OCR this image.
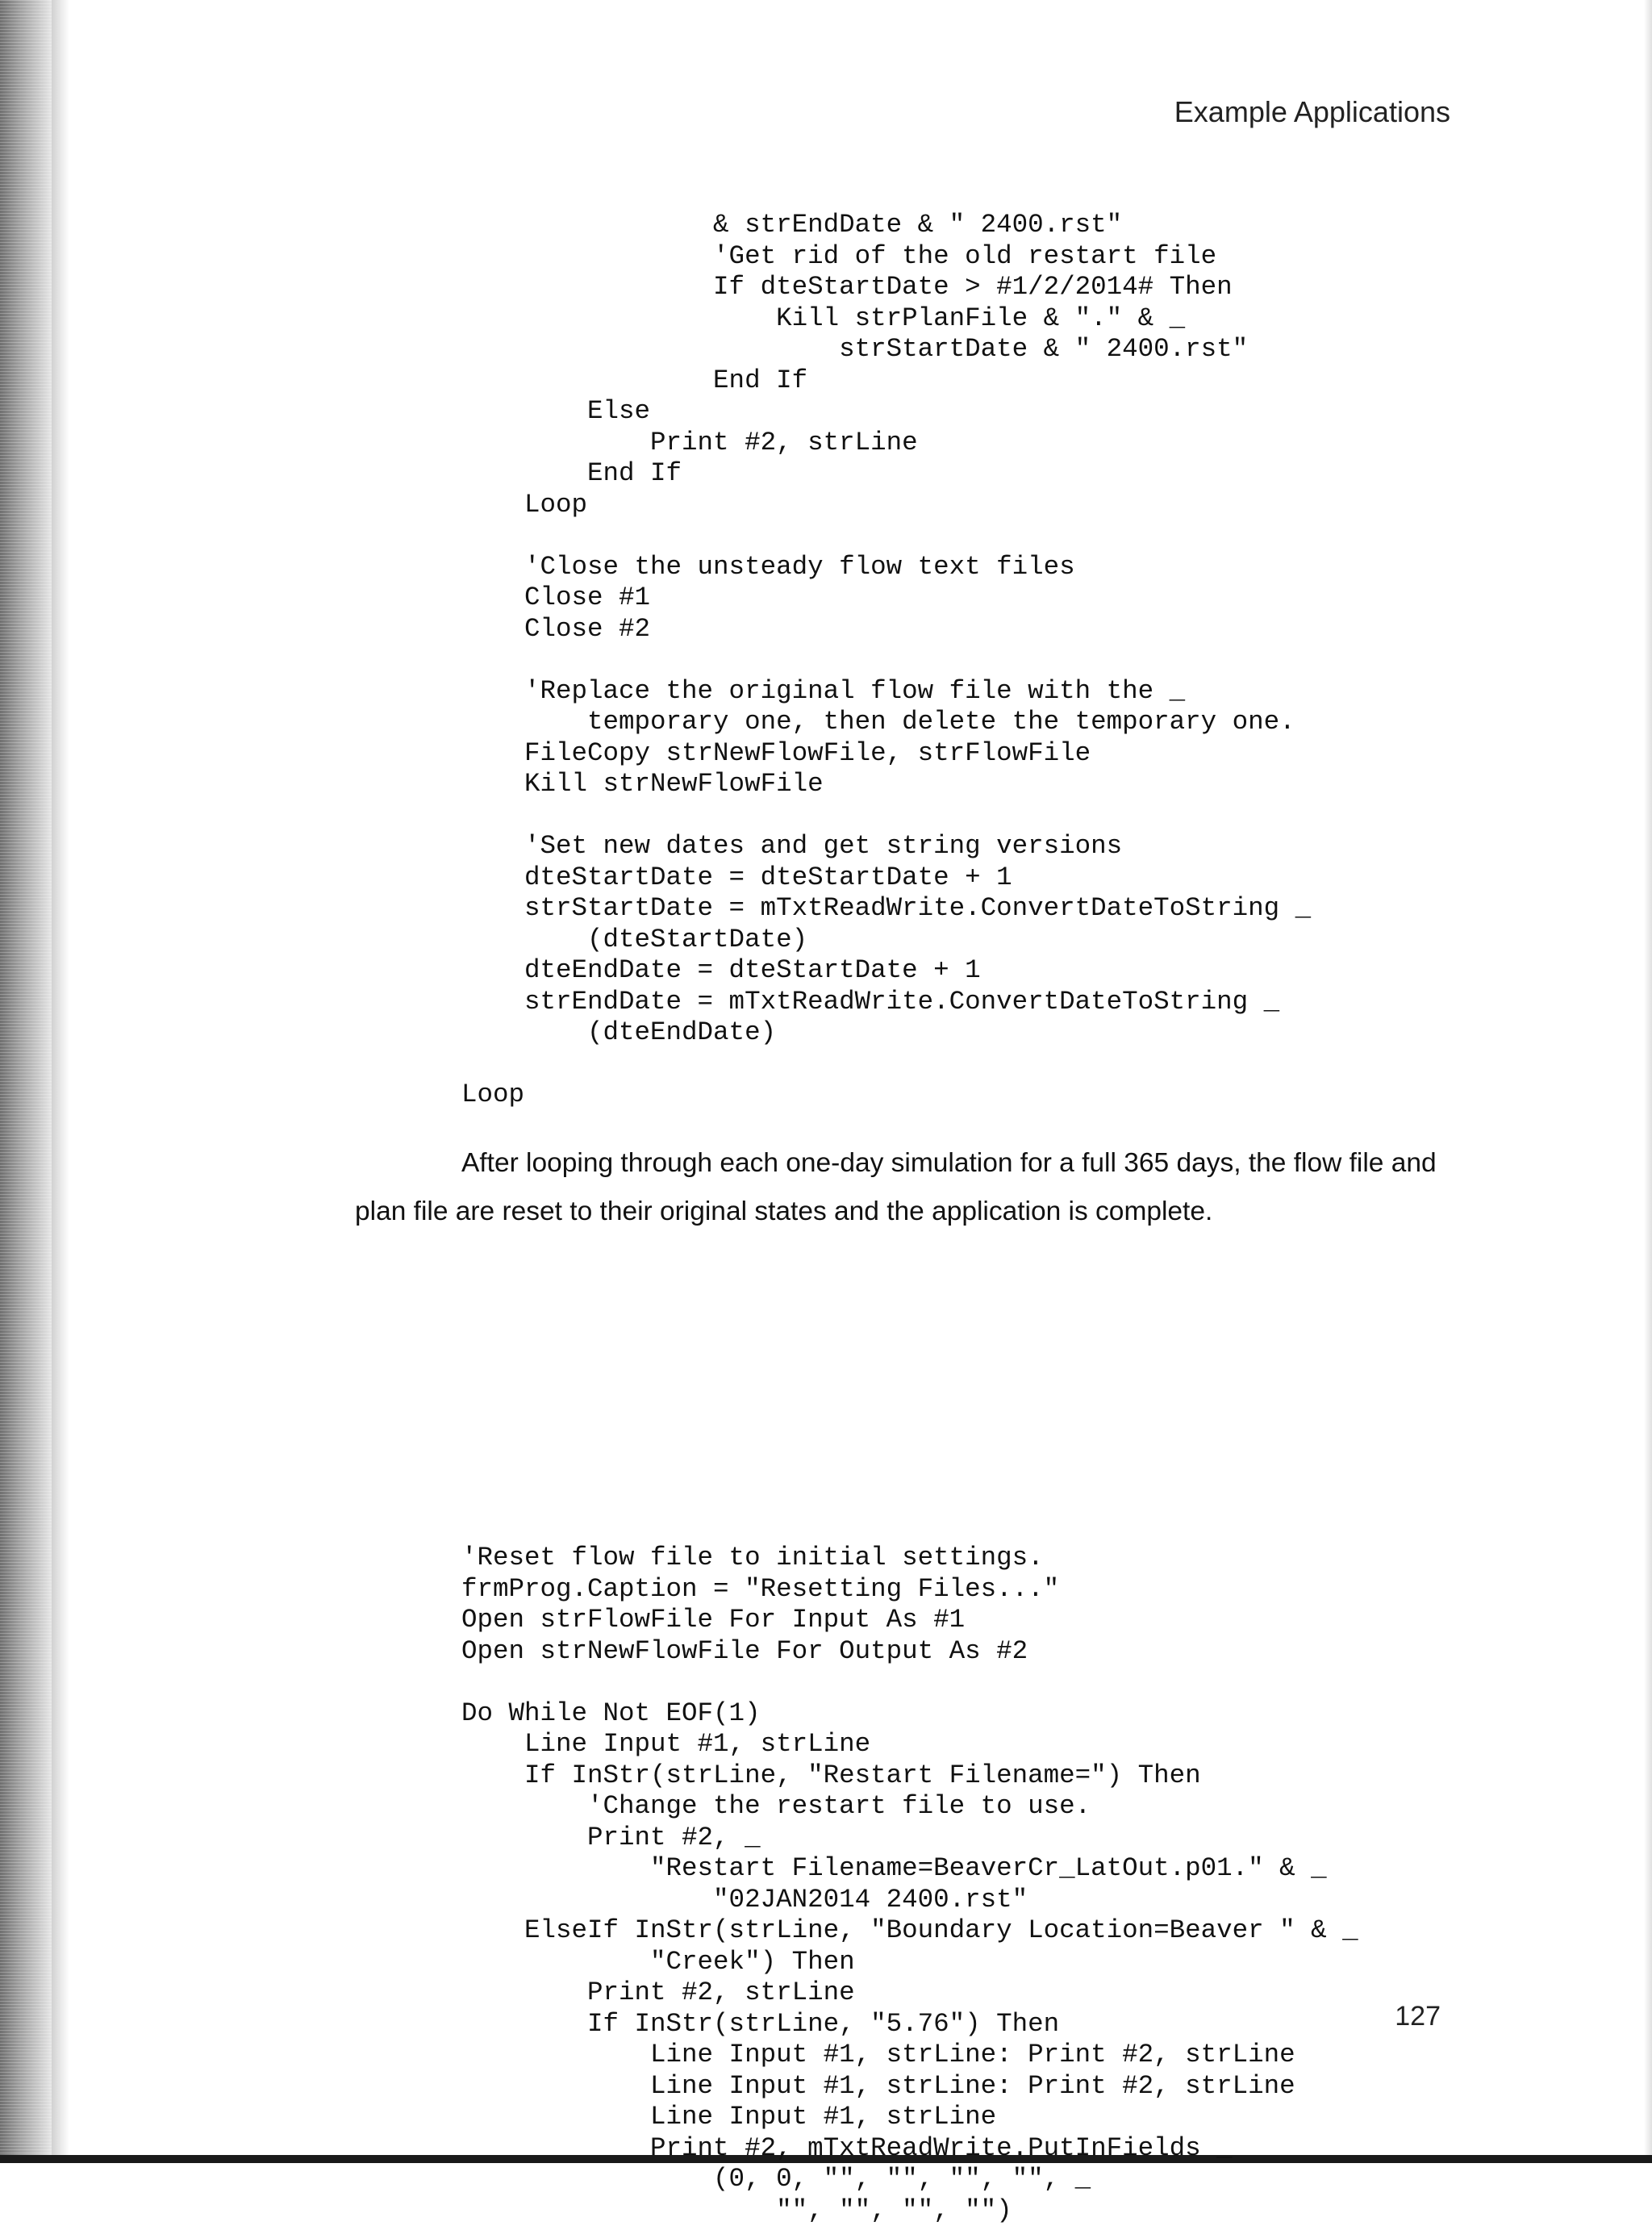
Example Applications
& strEndDate & " 2400.rst"
'Get rid of the old restart file
If dteStartDate > #1/2/2014# Then
Kill strPlanFile & "." & _
strStartDate & " 2400.rst"
End If
Else
Print #2, strLine
End If
Loop

'Close the unsteady flow text files
Close #1
Close #2

'Replace the original flow file with the _
temporary one, then delete the temporary one.
FileCopy strNewFlowFile, strFlowFile
Kill strNewFlowFile

'Set new dates and get string versions
dteStartDate = dteStartDate + 1
strStartDate = mTxtReadWrite.ConvertDateToString _
(dteStartDate)
dteEndDate = dteStartDate + 1
strEndDate = mTxtReadWrite.ConvertDateToString _
(dteEndDate)

Loop

After looping through each one-day simulation for a full 365 days, the flow file and plan file are reset to their original states and the application is complete.

'Reset flow file to initial settings.
frmProg.Caption = "Resetting Files..."
Open strFlowFile For Input As #1
Open strNewFlowFile For Output As #2

Do While Not EOF(1)
Line Input #1, strLine
If InStr(strLine, "Restart Filename=") Then
'Change the restart file to use.
Print #2, _
"Restart Filename=BeaverCr_LatOut.p01." & _
"02JAN2014 2400.rst"
ElseIf InStr(strLine, "Boundary Location=Beaver " & _
"Creek") Then
Print #2, strLine
If InStr(strLine, "5.76") Then
Line Input #1, strLine: Print #2, strLine
Line Input #1, strLine: Print #2, strLine
Line Input #1, strLine
Print #2, mTxtReadWrite.PutInFields _
(0, 0, "", "", "", "", _
"", "", "", "")
127
